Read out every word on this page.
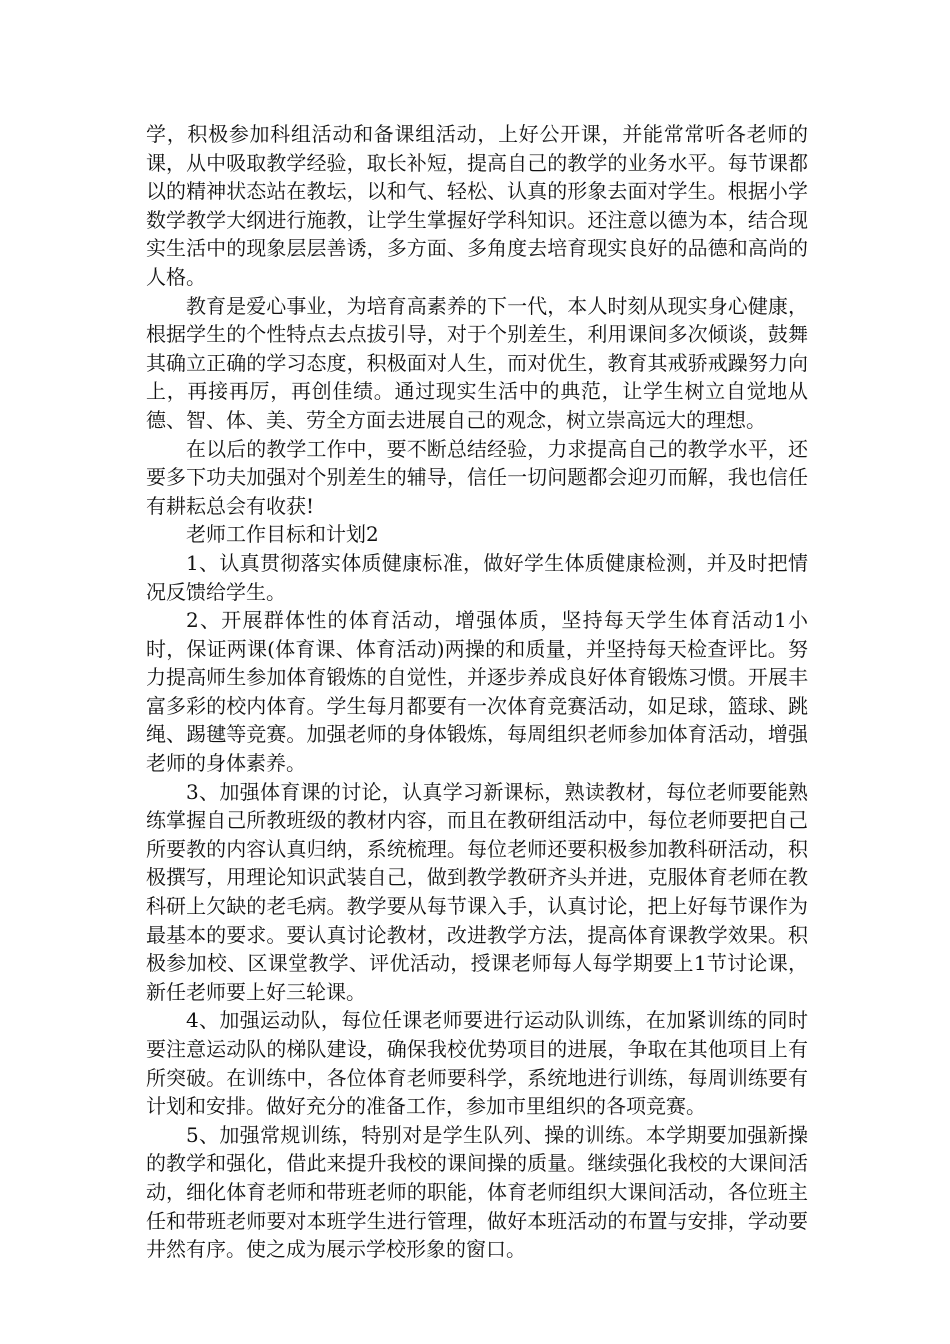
学，积极参加科组活动和备课组活动，上好公开课，并能常常听各老师的课，从中吸取教学经验，取长补短，提高自己的教学的业务水平。每节课都以的精神状态站在教坛，以和气、轻松、认真的形象去面对学生。根据小学数学教学大纲进行施教，让学生掌握好学科知识。还注意以德为本，结合现实生活中的现象层层善诱，多方面、多角度去培育现实良好的品德和高尚的人格。

教育是爱心事业，为培育高素养的下一代，本人时刻从现实身心健康，根据学生的个性特点去点拔引导，对于个别差生，利用课间多次倾谈，鼓舞其确立正确的学习态度，积极面对人生，而对优生，教育其戒骄戒躁努力向上，再接再厉，再创佳绩。通过现实生活中的典范，让学生树立自觉地从德、智、体、美、劳全方面去进展自己的观念，树立崇高远大的理想。

在以后的教学工作中，要不断总结经验，力求提高自己的教学水平，还要多下功夫加强对个别差生的辅导，信任一切问题都会迎刃而解，我也信任有耕耘总会有收获!

老师工作目标和计划2

1、认真贯彻落实体质健康标准，做好学生体质健康检测，并及时把情况反馈给学生。

2、开展群体性的体育活动，增强体质，坚持每天学生体育活动1小时，保证两课(体育课、体育活动)两操的和质量，并坚持每天检查评比。努力提高师生参加体育锻炼的自觉性，并逐步养成良好体育锻炼习惯。开展丰富多彩的校内体育。学生每月都要有一次体育竞赛活动，如足球，篮球、跳绳、踢毽等竞赛。加强老师的身体锻炼，每周组织老师参加体育活动，增强老师的身体素养。

3、加强体育课的讨论，认真学习新课标，熟读教材，每位老师要能熟练掌握自己所教班级的教材内容，而且在教研组活动中，每位老师要把自己所要教的内容认真归纳，系统梳理。每位老师还要积极参加教科研活动，积极撰写，用理论知识武装自己，做到教学教研齐头并进，克服体育老师在教科研上欠缺的老毛病。教学要从每节课入手，认真讨论，把上好每节课作为最基本的要求。要认真讨论教材，改进教学方法，提高体育课教学效果。积极参加校、区课堂教学、评优活动，授课老师每人每学期要上1节讨论课，新任老师要上好三轮课。

4、加强运动队，每位任课老师要进行运动队训练，在加紧训练的同时要注意运动队的梯队建设，确保我校优势项目的进展，争取在其他项目上有所突破。在训练中，各位体育老师要科学，系统地进行训练，每周训练要有计划和安排。做好充分的准备工作，参加市里组织的各项竞赛。

5、加强常规训练，特别对是学生队列、操的训练。本学期要加强新操的教学和强化，借此来提升我校的课间操的质量。继续强化我校的大课间活动，细化体育老师和带班老师的职能，体育老师组织大课间活动，各位班主任和带班老师要对本班学生进行管理，做好本班活动的布置与安排，学动要井然有序。使之成为展示学校形象的窗口。
